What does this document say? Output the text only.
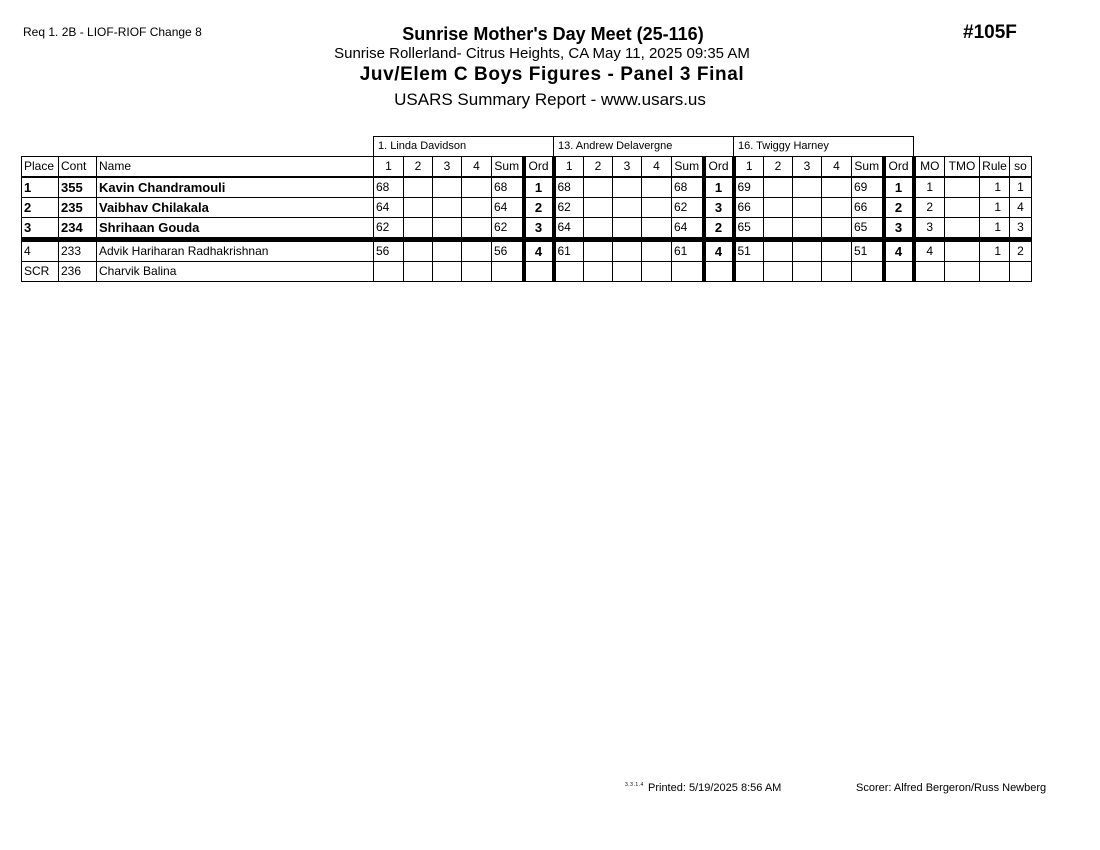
Req 1. 2B - LIOF-RIOF Change 8	#105F
Sunrise Mother's Day Meet (25-116)
Sunrise Rollerland- Citrus Heights, CA May 11, 2025 09:35 AM
Juv/Elem C Boys Figures - Panel 3 Final
USARS Summary Report - www.usars.us
			1. Linda Davidson						13. Andrew Delavergne						16. Twiggy Harney									
Place	Cont	Name	1	2	3	4	Sum	Ord	1	2	3	4	Sum	Ord	1	2	3	4	Sum	Ord	MO	TMO	Rule	so
1	355	Kavin Chandramouli	68				68	1	68				68	1	69				69	1	1		1	1
2	235	Vaibhav Chilakala	64				64	2	62				62	3	66				66	2	2		1	4
3	234	Shrihaan Gouda	62				62	3	64				64	2	65				65	3	3		1	3
4	233	Advik Hariharan Radhakrishnan	56				56	4	61				61	4	51				51	4	4		1	2
SCR	236	Charvik Balina																						
3.3.1.4 Printed: 5/19/2025 8:56 AM	Scorer: Alfred Bergeron/Russ Newberg
